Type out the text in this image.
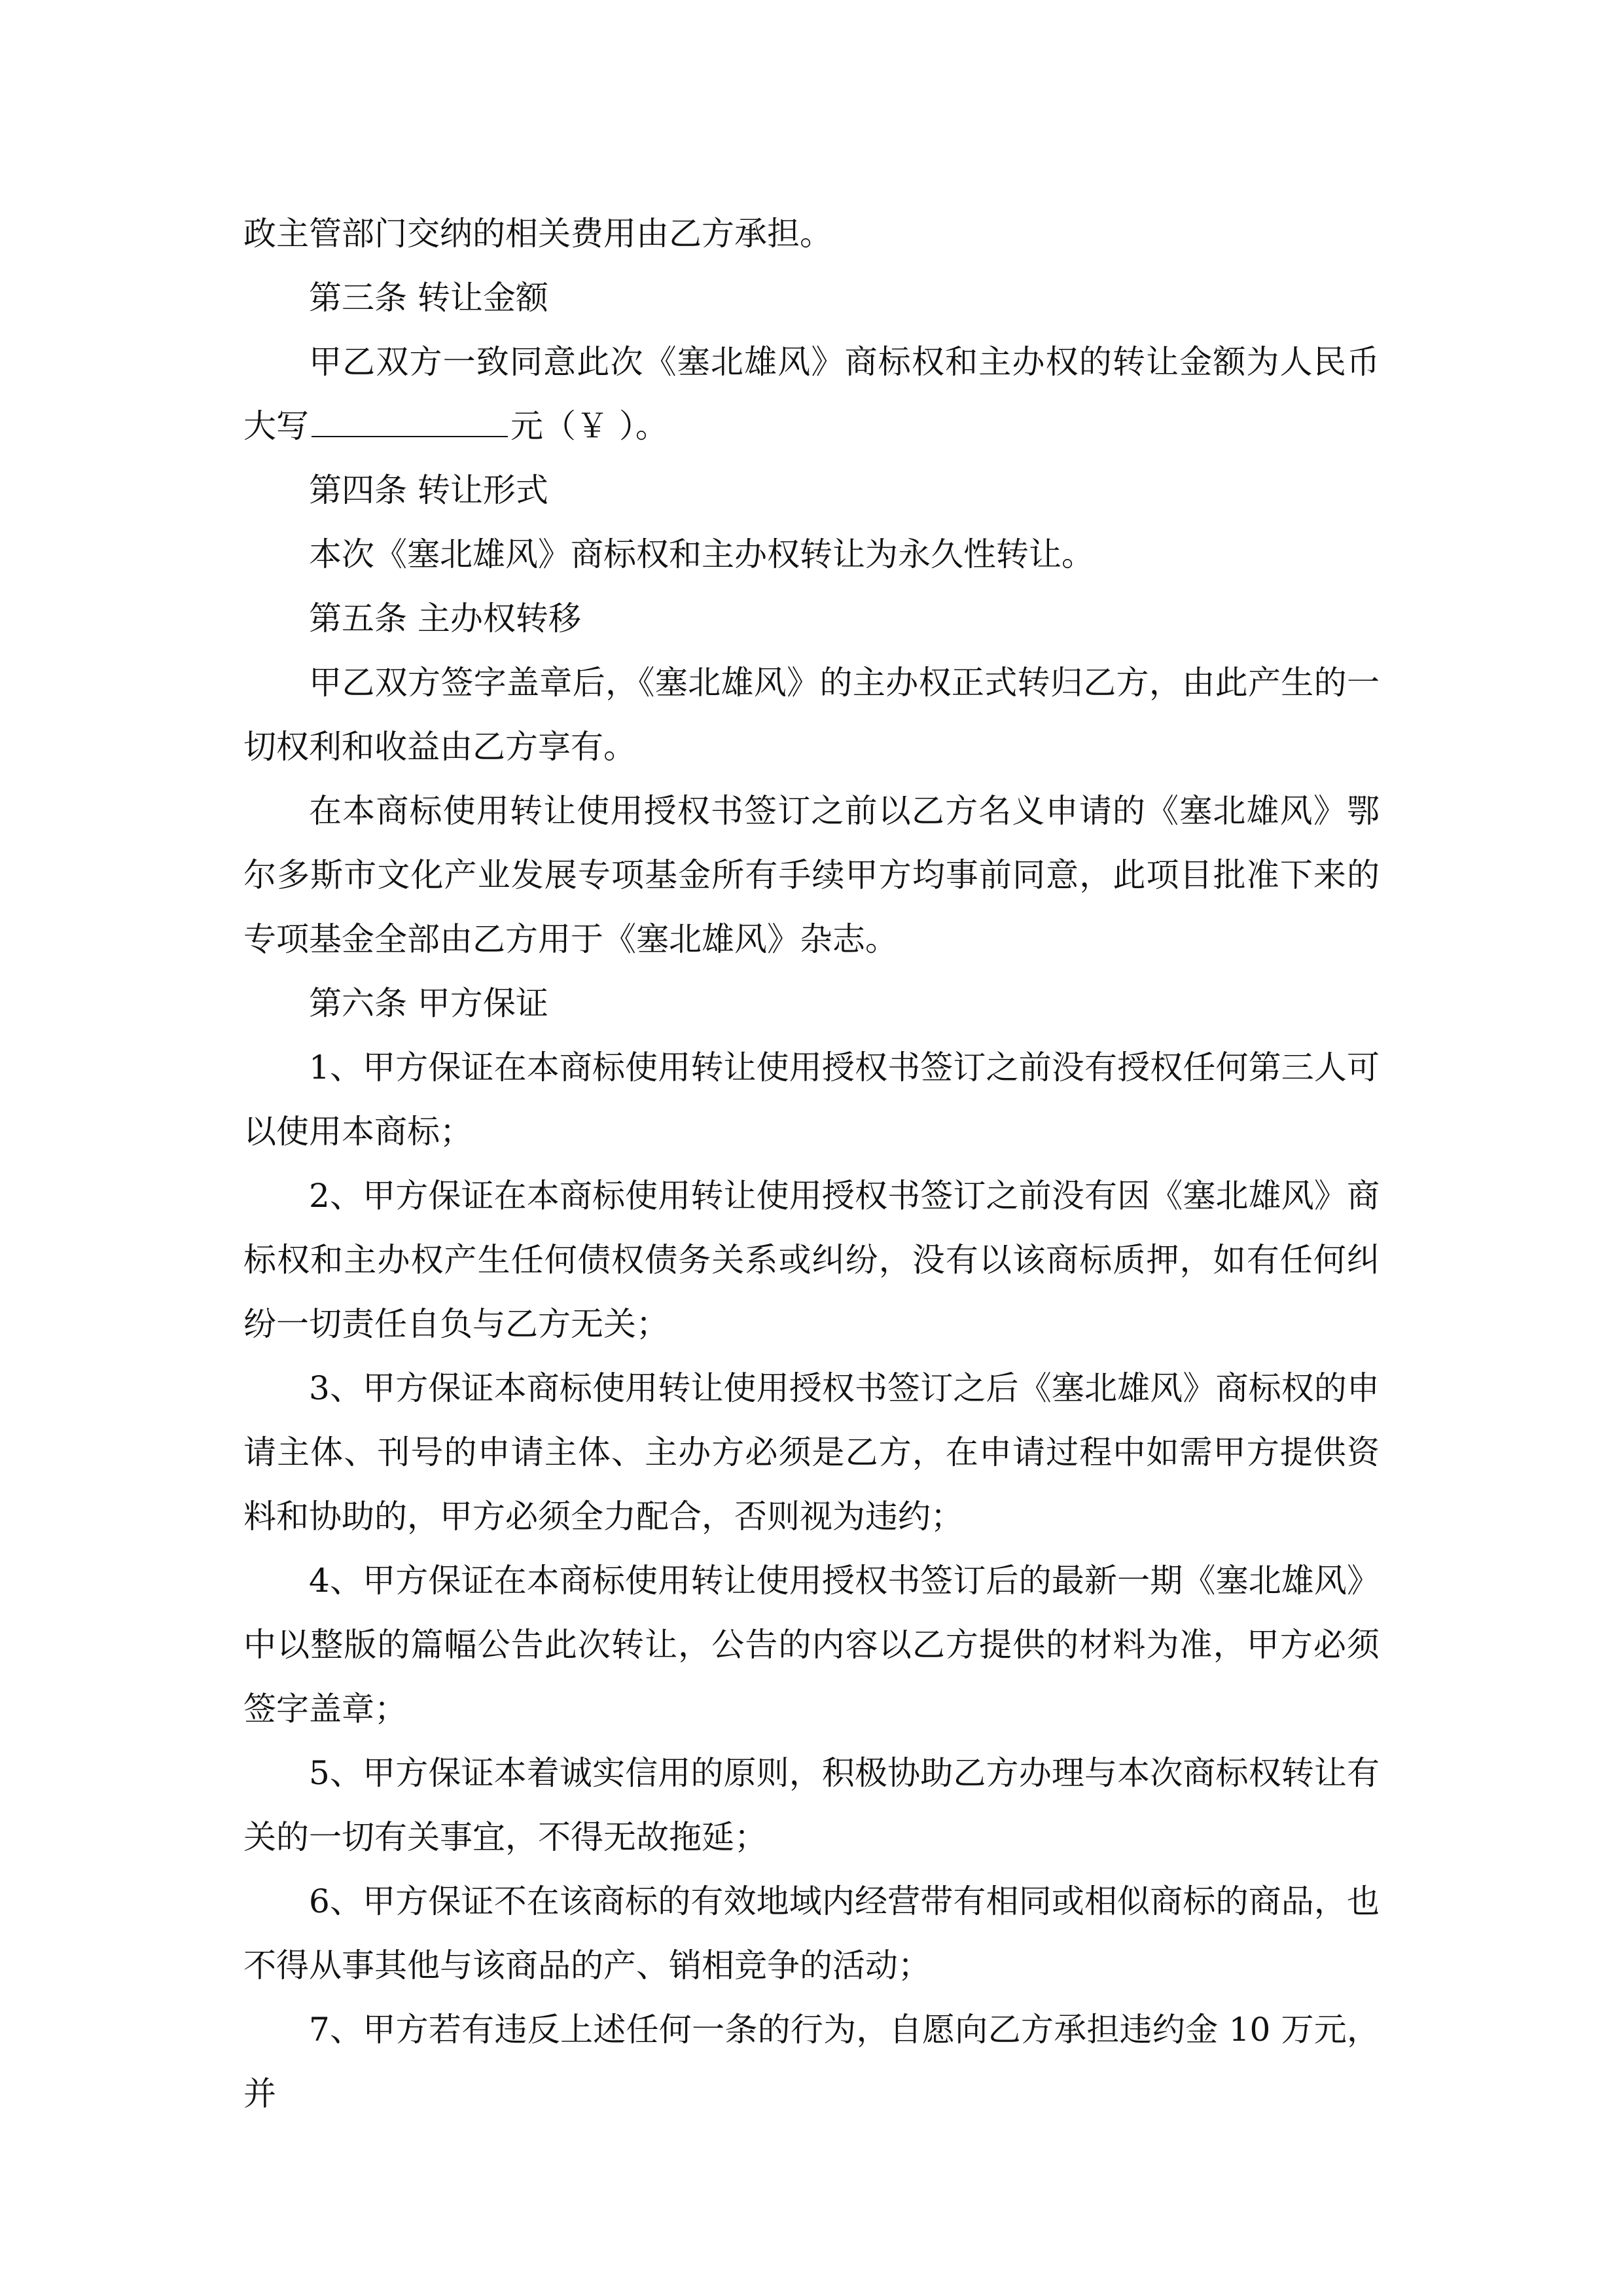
政主管部门交纳的相关费用由乙方承担。

第三条 转让金额

甲乙双方一致同意此次《塞北雄风》商标权和主办权的转让金额为人民币大写	元（￥ ）。

第四条 转让形式

本次《塞北雄风》商标权和主办权转让为永久性转让。

第五条 主办权转移

甲乙双方签字盖章后，《塞北雄风》的主办权正式转归乙方，由此产生的一切权利和收益由乙方享有。

在本商标使用转让使用授权书签订之前以乙方名义申请的《塞北雄风》鄂尔多斯市文化产业发展专项基金所有手续甲方均事前同意，此项目批准下来的专项基金全部由乙方用于《塞北雄风》杂志。

第六条 甲方保证

1、甲方保证在本商标使用转让使用授权书签订之前没有授权任何第三人可以使用本商标；

2、甲方保证在本商标使用转让使用授权书签订之前没有因《塞北雄风》商标权和主办权产生任何债权债务关系或纠纷，没有以该商标质押，如有任何纠纷一切责任自负与乙方无关；

3、甲方保证本商标使用转让使用授权书签订之后《塞北雄风》商标权的申请主体、刊号的申请主体、主办方必须是乙方，在申请过程中如需甲方提供资料和协助的，甲方必须全力配合，否则视为违约；

4、甲方保证在本商标使用转让使用授权书签订后的最新一期《塞北雄风》中以整版的篇幅公告此次转让，公告的内容以乙方提供的材料为准，甲方必须签字盖章；

5、甲方保证本着诚实信用的原则，积极协助乙方办理与本次商标权转让有关的一切有关事宜，不得无故拖延；

6、甲方保证不在该商标的有效地域内经营带有相同或相似商标的商品，也不得从事其他与该商品的产、销相竞争的活动；

7、甲方若有违反上述任何一条的行为，自愿向乙方承担违约金 10 万元，并
